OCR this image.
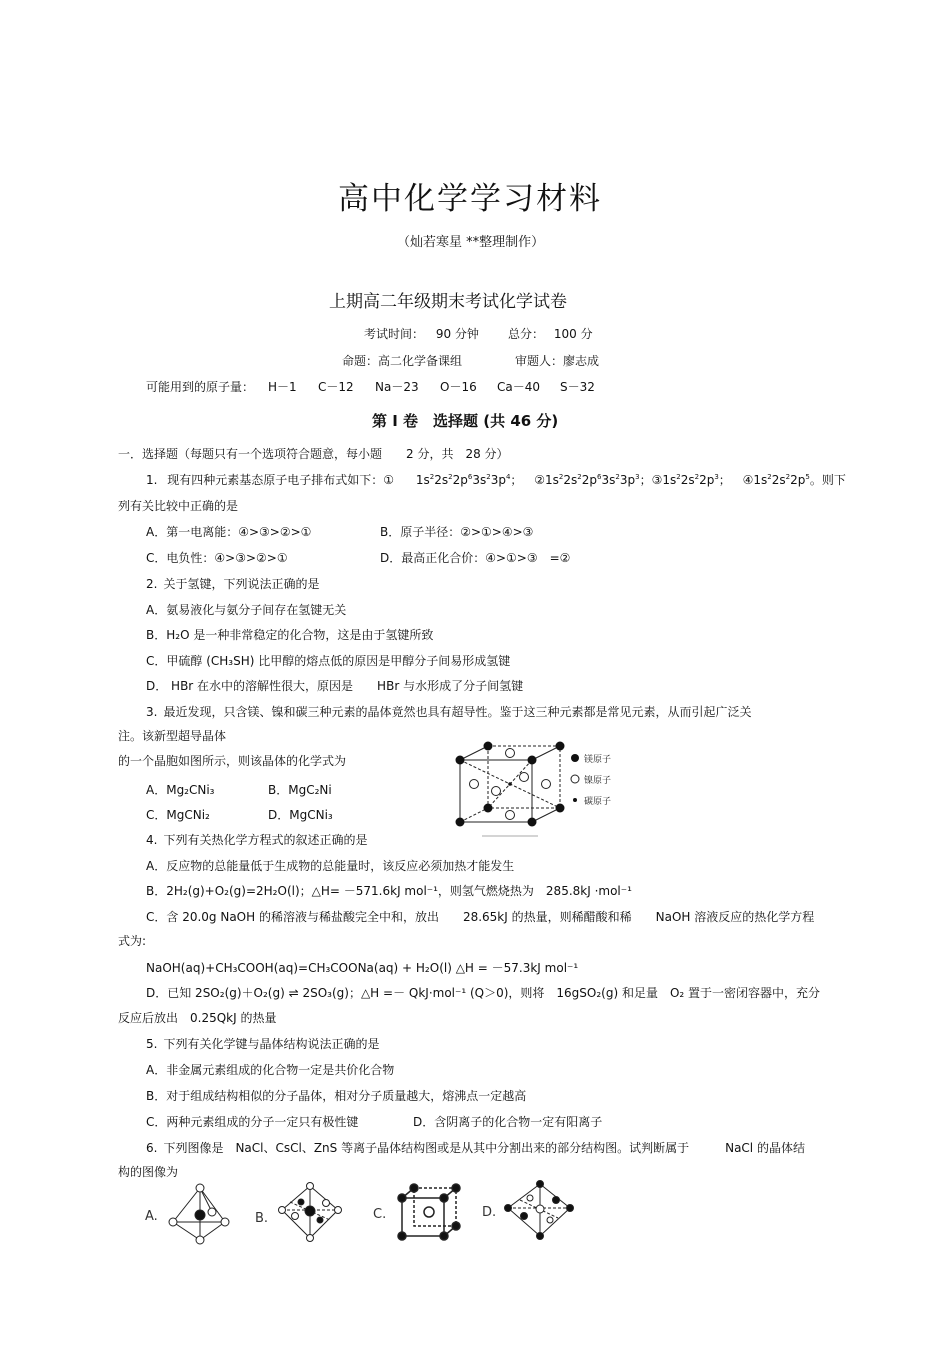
高中化学学习材料
（灿若寒星 **整理制作）
上期高二年级期末考试化学试卷
考试时间： 90 分钟 总分： 100 分
命题：高二化学备课组	审题人：廖志成
可能用到的原子量： H－1 C－12 Na－23 O－16 Ca－40 S－32
第 I 卷　选择题 (共 46 分)
一．选择题（每题只有一个选项符合题意，每小题　　2 分，共　28 分）
1. 现有四种元素基态原子电子排布式如下：① $1s^22s^22p^63s^23p^4$； $②1s^22s^22p^63s^23p^3$；$③1s^22s^22p^3$； $④1s^22s^22p^5$。则下
列有关比较中正确的是
A．第一电离能：④>③>②>①	B．原子半径：②>①>④>③
C．电负性：④>③>②>①	D．最高正化合价：④>①>③　=②
2. 关于氢键，下列说法正确的是
A．氨易液化与氨分子间存在氢键无关
B．H₂O 是一种非常稳定的化合物，这是由于氢键所致
C．甲硫醇 (CH₃SH) 比甲醇的熔点低的原因是甲醇分子间易形成氢键
D． HBr 在水中的溶解性很大，原因是　　HBr 与水形成了分子间氢键
3. 最近发现，只含镁、镍和碳三种元素的晶体竟然也具有超导性。鉴于这三种元素都是常见元素，从而引起广泛关
注。该新型超导晶体
的一个晶胞如图所示，则该晶体的化学式为
A．Mg₂CNi₃	B．MgC₂Ni
C．MgCNi₂	D．MgCNi₃
镁原子
镍原子
碳原子
4. 下列有关热化学方程式的叙述正确的是
A．反应物的总能量低于生成物的总能量时，该反应必须加热才能发生
B．2H₂(g)+O₂(g)=2H₂O(l)；△H= －571.6kJ mol⁻¹，则氢气燃烧热为　285.8kJ ·mol⁻¹
C．含 20.0g NaOH 的稀溶液与稀盐酸完全中和，放出　　28.65kJ 的热量，则稀醋酸和稀　　NaOH 溶液反应的热化学方程
式为:
NaOH(aq)+CH₃COOH(aq)=CH₃COONa(aq) + H₂O(l) △H = －57.3kJ mol⁻¹
D．已知 2SO₂(g)＋O₂(g) ⇌ 2SO₃(g)；△H =－ QkJ·mol⁻¹ (Q＞0)，则将　16gSO₂(g) 和足量　O₂ 置于一密闭容器中，充分
反应后放出　0.25QkJ 的热量
5. 下列有关化学键与晶体结构说法正确的是
A．非金属元素组成的化合物一定是共价化合物
B．对于组成结构相似的分子晶体，相对分子质量越大，熔沸点一定越高
C．两种元素组成的分子一定只有极性键	D．含阴离子的化合物一定有阳离子
6. 下列图像是　NaCl、CsCl、ZnS 等离子晶体结构图或是从其中分割出来的部分结构图。试判断属于　　　NaCl 的晶体结
构的图像为
A.	B.	C.	D.
